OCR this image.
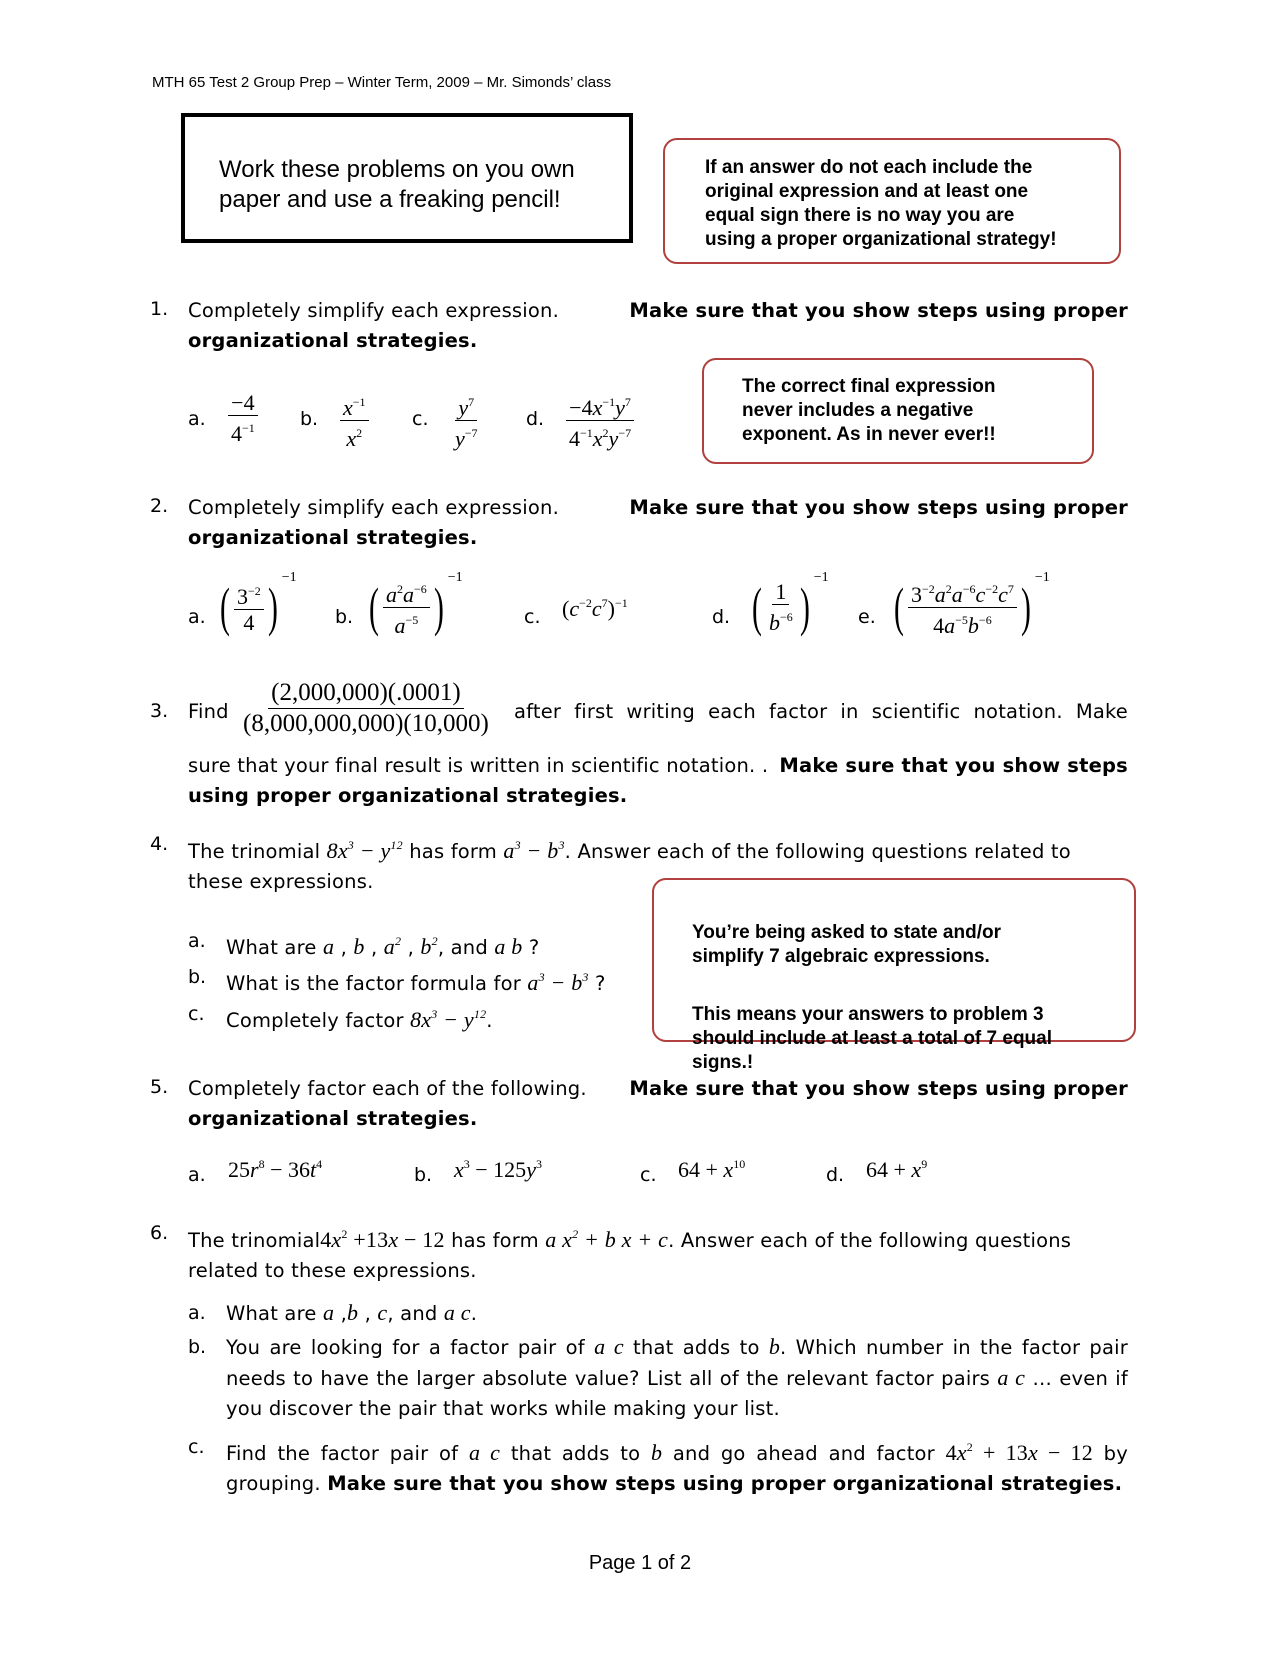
MTH 65 Test 2 Group Prep – Winter Term, 2009 – Mr. Simonds’ class
Work these problems on you own
paper and use a freaking pencil!
If an answer do not each include the
original expression and at least one
equal sign there is no way you are
using a proper organizational strategy!
1. Completely simplify each expression.	Make sure that you show steps using proper

organizational strategies.
a. $\frac{-4}{4^{-1}} b$. $\frac{x^{-1}}{x^2} c$. $\frac{y^7}{y^{-7}} d$. $\frac{-4x^{-1}y^7}{4^{-1}x^2y^{-7}}$
The correct final expression
never includes a negative
exponent. As in never ever!!
2. Completely simplify each expression.	Make sure that you show steps using proper

organizational strategies.
a. ( $\frac{3^{-2}}{4}$ ) −1
b. ( $\frac{a^2a^{-6}}{a^{-5}}$ ) −1
c. $(c^{-2}c^7)^{-1}$
d. ( $\frac{1}{b^{-6}}$ ) −1
e. ( $\frac{3^{-2}a^2a^{-6}c^{-2}c^7}{4a^{-5}b^{-6}}$ ) −1
3. Find $\frac{(2,000,000)(.0001)}{(8,000,000,000)(10,000)}$ after first writing each factor in scientific notation. Make
sure that your final result is written in scientific notation. . Make sure that you show steps

using proper organizational strategies.
4. The trinomial $8x^3 - y^{12}$ has form $a^3 - b^3$. Answer each of the following questions related to
these expressions.
a. What are a , b , $a^2$ , $b^2$, and a b ?
b. What is the factor formula for $a^3 - b^3$ ?
c. Completely factor $8x^3 - y^{12}$.

You’re being asked to state and/or
simplify 7 algebraic expressions.

This means your answers to problem 3
should include at least a total of 7 equal
signs.!

5. Completely factor each of the following. Make sure that you show steps using proper

organizational strategies.
a. $25r^8 - 36t^4$	b. $x^3 - 125y^3$	c. $64 + x^{10}$	d. $64 + x^9$
6. The $trinomial4x^2 +13x - 12$ has form a $x^2 + b$ x + c. Answer each of the following questions
related to these expressions.
a. What are a ,b , c, and a c.
b. You are looking for a factor pair of a c that adds to b. Which number in the factor pair
needs to have the larger absolute value? List all of the relevant factor pairs a c … even if
you discover the pair that works while making your list.
c. Find the factor pair of a c that adds to b and go ahead and factor $4x^2 + 13x - 12$ by
grouping. Make sure that you show steps using proper organizational strategies.
Page 1 of 2
